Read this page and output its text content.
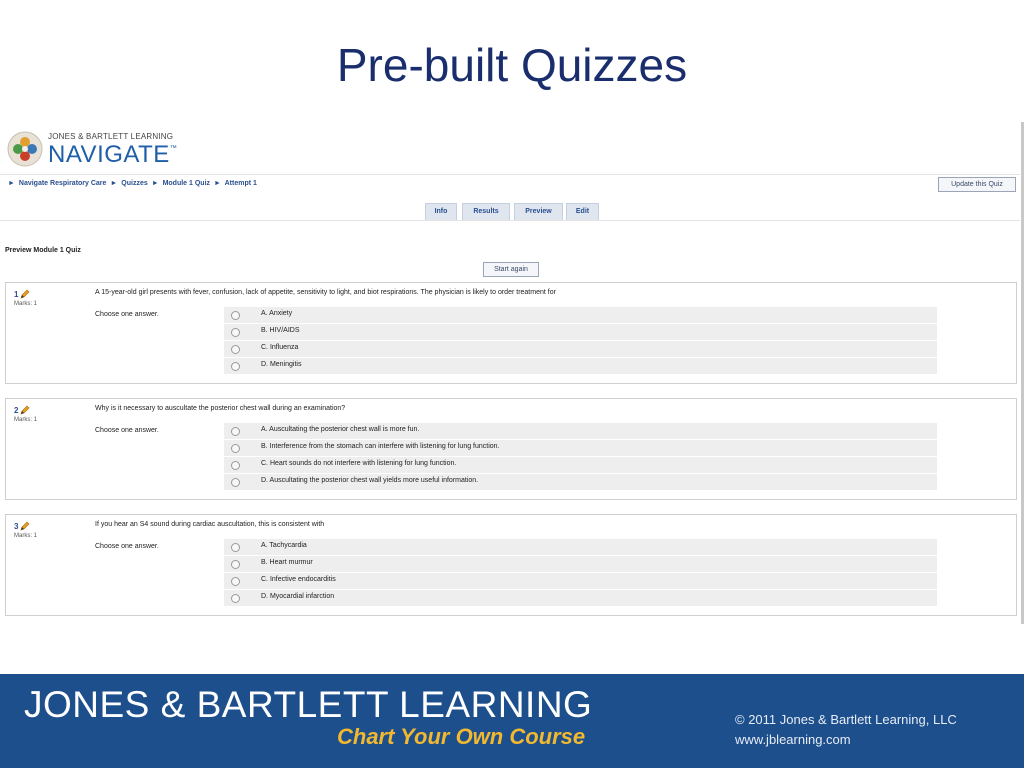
Pre-built Quizzes
JONES & BARTLETT LEARNING
NAVIGATE™
► Navigate Respiratory Care ► Quizzes ► Module 1 Quiz ► Attempt 1	Update this Quiz
Info	Results	Preview	Edit
Preview Module 1 Quiz
Start again
1
Marks: 1
A 15-year-old girl presents with fever, confusion, lack of appetite, sensitivity to light, and biot respirations. The physician is likely to order treatment for
Choose one answer.	A. Anxiety
B. HIV/AIDS
C. Influenza
D. Meningitis
2
Marks: 1
Why is it necessary to auscultate the posterior chest wall during an examination?
Choose one answer.	A. Auscultating the posterior chest wall is more fun.
B. Interference from the stomach can interfere with listening for lung function.
C. Heart sounds do not interfere with listening for lung function.
D. Auscultating the posterior chest wall yields more useful information.
3
Marks: 1
If you hear an S4 sound during cardiac auscultation, this is consistent with
Choose one answer.	A. Tachycardia
B. Heart murmur
C. Infective endocarditis
D. Myocardial infarction
JONES & BARTLETT LEARNING
Chart Your Own Course
© 2011 Jones & Bartlett Learning, LLC
www.jblearning.com
